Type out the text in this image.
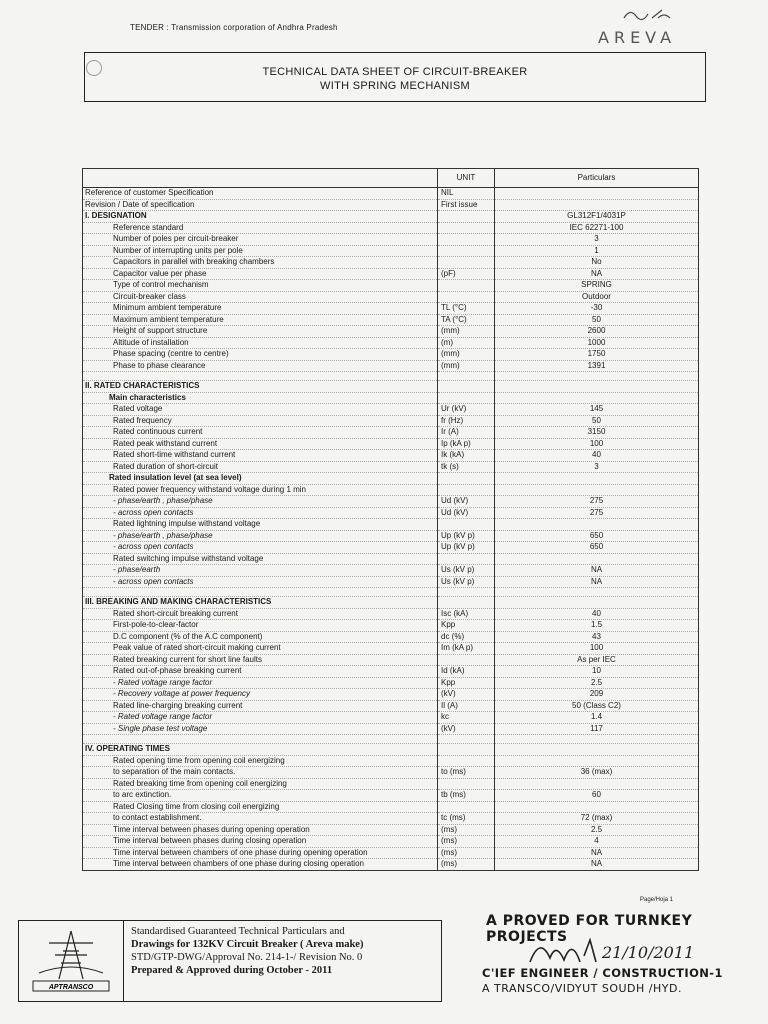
TENDER : Transmission corporation of Andhra Pradesh
AREVA
TECHNICAL DATA SHEET OF CIRCUIT-BREAKER
WITH SPRING MECHANISM
	UNIT	Particulars
Reference of customer Specification	NIL	
Revision / Date of specification	First issue	
I. DESIGNATION		GL312F1/4031P
Reference standard		IEC 62271-100
Number of poles per circuit-breaker		3
Number of interrupting units per pole		1
Capacitors in parallel with breaking chambers		No
Capacitor value per phase	(pF)	NA
Type of control mechanism		SPRING
Circuit-breaker class		Outdoor
Minimum ambient temperature	TL (°C)	-30
Maximum ambient temperature	TA (°C)	50
Height of support structure	(mm)	2600
Altitude of installation	(m)	1000
Phase spacing (centre to centre)	(mm)	1750
Phase to phase clearance	(mm)	1391

II. RATED CHARACTERISTICS		
Main characteristics		
Rated voltage	Ur (kV)	145
Rated frequency	fr (Hz)	50
Rated continuous current	Ir (A)	3150
Rated peak withstand current	Ip (kA p)	100
Rated short-time withstand current	Ik (kA)	40
Rated duration of short-circuit	tk (s)	3
Rated insulation level (at sea level)		
Rated power frequency withstand voltage during 1 min		
- phase/earth , phase/phase	Ud (kV)	275
- across open contacts	Ud (kV)	275
Rated lightning impulse withstand voltage		
- phase/earth , phase/phase	Up (kV p)	650
- across open contacts	Up (kV p)	650
Rated switching impulse withstand voltage		
- phase/earth	Us (kV p)	NA
- across open contacts	Us (kV p)	NA

III. BREAKING AND MAKING CHARACTERISTICS		
Rated short-circuit breaking current	Isc (kA)	40
First-pole-to-clear-factor	Kpp	1.5
D.C component (% of the A.C component)	dc (%)	43
Peak value of rated short-circuit making current	Im (kA p)	100
Rated breaking current for short line faults		As per IEC
Rated out-of-phase breaking current	Id (kA)	10
- Rated voltage range factor	Kpp	2.5
- Recovery voltage at power frequency	(kV)	209
Rated line-charging breaking current	Il (A)	50 (Class C2)
- Rated voltage range factor	kc	1.4
- Single phase test voltage	(kV)	117

IV. OPERATING TIMES		
Rated opening time from opening coil energizing		
to separation of the main contacts.	to (ms)	36 (max)
Rated breaking time from opening coil energizing		
to arc extinction.	tb (ms)	60
Rated Closing time from closing coil energizing		
to contact establishment.	tc (ms)	72 (max)
Time interval between phases during opening operation	(ms)	2.5
Time interval between phases during closing operation	(ms)	4
Time interval between chambers of one phase during opening operation	(ms)	NA
Time interval between chambers of one phase during closing operation	(ms)	NA
Page/Hoja 1
APTRANSCO
Standardised Guaranteed Technical Particulars and
Drawings for 132KV Circuit Breaker ( Areva make)
STD/GTP-DWG/Approval No. 214-1-/ Revision No. 0
Prepared & Approved during October - 2011
A PROVED FOR TURNKEY PROJECTS
21/10/2011
C'IEF ENGINEER / CONSTRUCTION-1
A TRANSCO/VIDYUT SOUDH /HYD.
